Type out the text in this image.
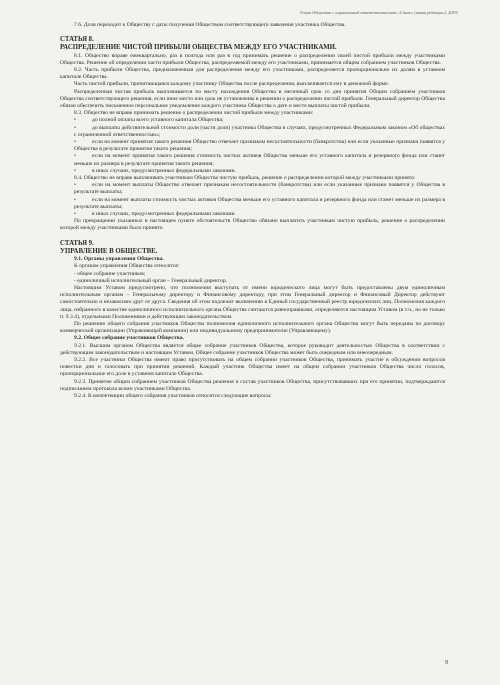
Устав Общества с ограниченной ответственностью «Стелс» (новая редакция 2, 2019)

7.6. Доля переходит к Обществу с даты получения Обществом соответствующего заявления участника Общества.

СТАТЬЯ 8.

РАСПРЕДЕЛЕНИЕ ЧИСТОЙ ПРИБЫЛИ ОБЩЕСТВА МЕЖДУ ЕГО УЧАСТНИКАМИ.

8.1. Общество вправе ежеквартально, раз в полгода или раз в год принимать решение о распределении своей чистой прибыли между участниками Общества. Решение об определении части прибыли Общества, распределяемой между его участниками, принимается общим собранием участников Общества.

8.2. Часть прибыли Общества, предназначенная для распределения между его участниками, распределяется пропорционально их долям в уставном капитале Общества.

Часть чистой прибыли, причитающаяся каждому участнику Общества после распределения, выплачивается ему в денежной форме.

Распределенная чистая прибыль выплачивается по месту нахождения Общества в месячный срок со дня принятия Общим собранием участников Общества соответствующего решения, если иное место или срок не установлены в решении о распределении чистой прибыли. Генеральный директор Общества обязан обеспечить письменное персональное уведомление каждого участника Общества о дате и месте выплаты чистой прибыли.

8.3. Общество не вправе принимать решение о распределении чистой прибыли между участниками:

• до полной оплаты всего уставного капитала Общества;

• до выплаты действительной стоимости доли (части доли) участника Общества в случаях, предусмотренных Федеральным законом «Об обществах с ограниченной ответственностью»;

• если на момент принятия такого решения Общество отвечает признакам несостоятельности (банкротства) или если указанные признаки появятся у Общества в результате принятия такого решения;

• если на момент принятия такого решения стоимость чистых активов Общества меньше его уставного капитала и резервного фонда или станет меньше их размера в результате принятия такого решения;

• в иных случаях, предусмотренных федеральными законами.

8.4. Общество не вправе выплачивать участникам Общества чистую прибыль, решение о распределении которой между участниками принято:

• если на момент выплаты Общество отвечает признакам несостоятельности (банкротства) или если указанные признаки появятся у Общества в результате выплаты;

• если на момент выплаты стоимость чистых активов Общества меньше его уставного капитала и резервного фонда или станет меньше их размера в результате выплаты;

• в иных случаях, предусмотренных федеральными законами.

По прекращении указанных в настоящем пункте обстоятельств Общество обязано выплатить участникам чистую прибыль, решение о распределении которой между участниками было принято.

СТАТЬЯ 9.

УПРАВЛЕНИЕ В ОБЩЕСТВЕ.

9.1. Органы управления Общества.

К органам управления Общества относятся:

- общее собрание участников;

- единоличный исполнительный орган – Генеральный директор.

Настоящим Уставом предусмотрено, что полномочия выступать от имени юридического лица могут быть предоставлены двум единоличным исполнительным органам – Генеральному директору и Финансовому директору, при этом Генеральный директор и Финансовый Директор действуют самостоятельно и независимо друг от друга. Сведения об этом подлежат включению в Единый государственный реестр юридических лиц. Полномочия каждого лица, избранного в качестве единоличного исполнительного органа Общества считаются равноправными, определяются настоящим Уставом (в т.ч., но не только п. 9.3.4), отдельными Положениями и действующим законодательством.

По решению общего собрания участников Общества полномочия единоличного исполнительного органа Общества могут быть переданы по договору коммерческой организации (Управляющей компании) или индивидуальному предпринимателю (Управляющему).

9.2. Общее собрание участников Общества.

9.2.1. Высшим органом Общества является общее собрание участников Общества, которое руководит деятельностью Общества в соответствии с действующим законодательством и настоящим Уставом. Общее собрание участников Общества может быть очередным или внеочередным.

9.2.2. Все участники Общества имеют право присутствовать на общем собрании участников Общества, принимать участие в обсуждении вопросов повестки дня и голосовать при принятии решений. Каждый участник Общества имеет на общем собрании участников Общества число голосов, пропорциональное его доле в уставном капитале Общества.

9.2.3. Принятие общим собранием участников Общества решения и состав участников Общества, присутствовавших при его принятии, подтверждаются подписанием протокола всеми участниками Общества.

9.2.4. К компетенции общего собрания участников относятся следующие вопросы:

9
